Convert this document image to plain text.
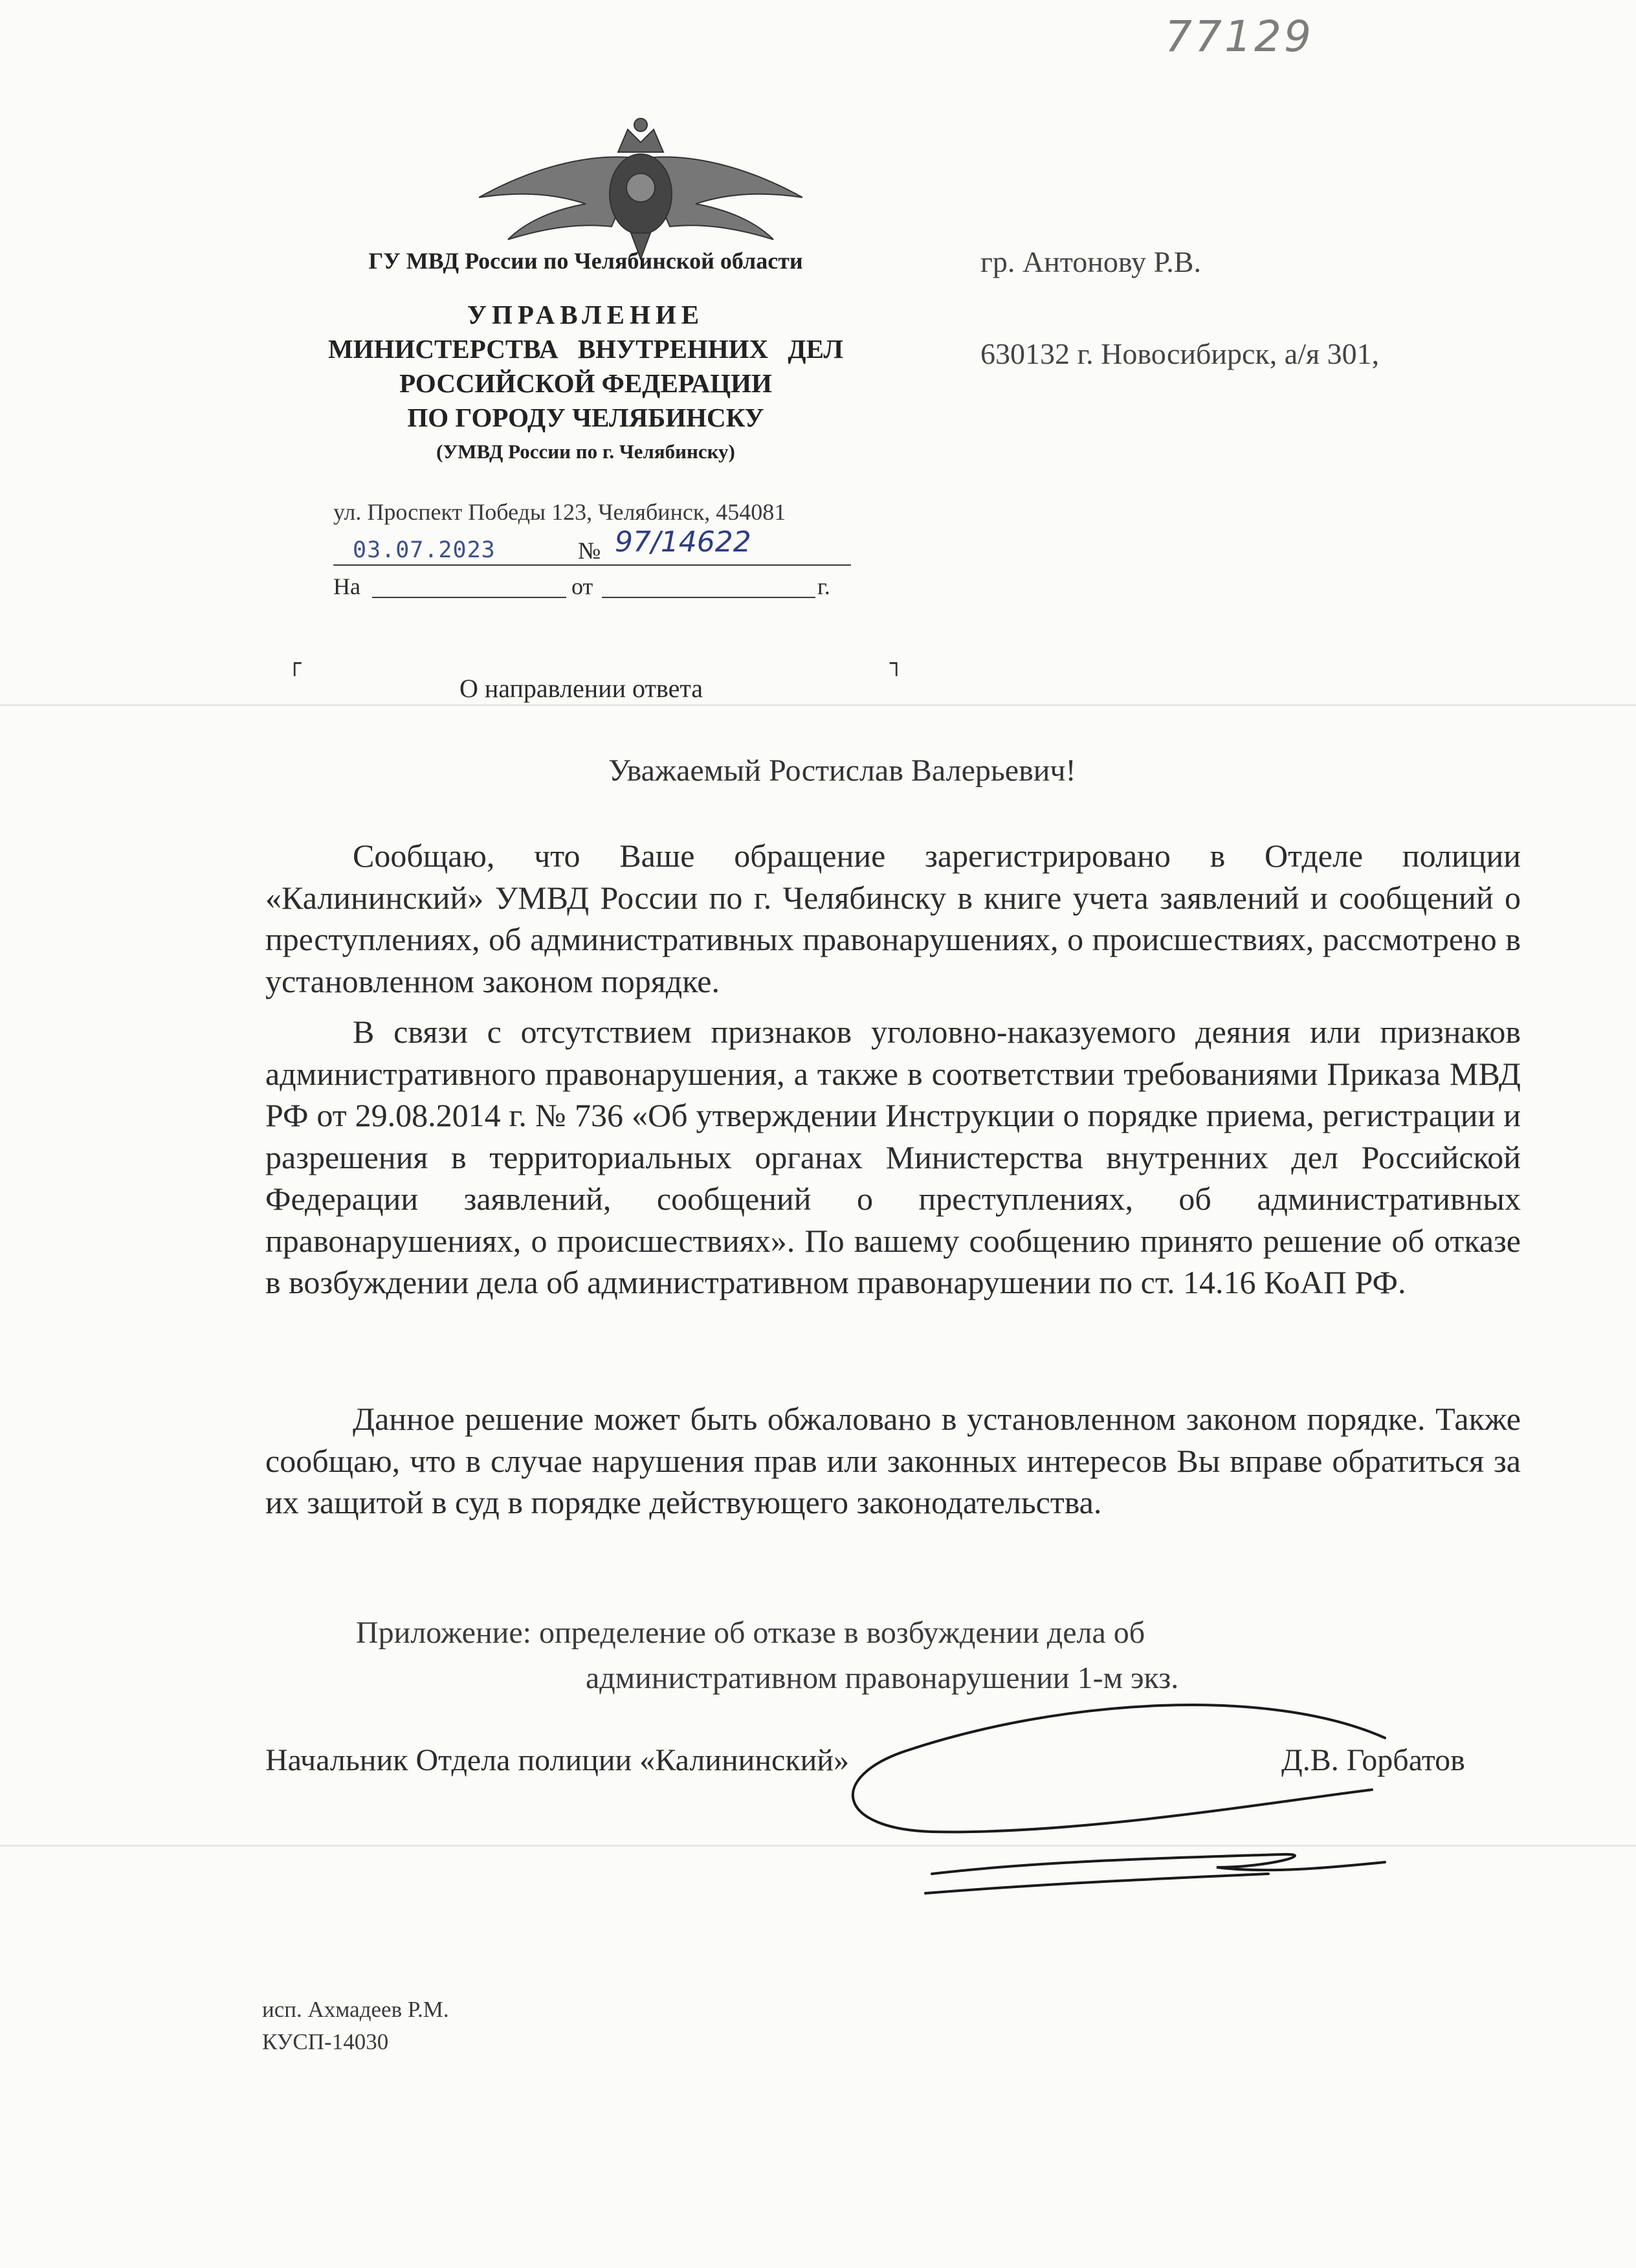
77129
ГУ МВД России по Челябинской области
УПРАВЛЕНИЕ
МИНИСТЕРСТВА ВНУТРЕННИХ ДЕЛ
РОССИЙСКОЙ ФЕДЕРАЦИИ
ПО ГОРОДУ ЧЕЛЯБИНСКУ
(УМВД России по г. Челябинску)
ул. Проспект Победы 123, Челябинск, 454081
03.07.2023	№ 97/14622
На	от	г.
гр. Антонову Р.В.
630132 г. Новосибирск, а/я 301,
┌	┐
О направлении ответа
Уважаемый Ростислав Валерьевич!

Сообщаю, что Ваше обращение зарегистрировано в Отделе полиции «Калининский» УМВД России по г. Челябинску в книге учета заявлений и сообщений о преступлениях, об административных правонарушениях, о происшествиях, рассмотрено в установленном законом порядке.

В связи с отсутствием признаков уголовно-наказуемого деяния или признаков административного правонарушения, а также в соответствии требованиями Приказа МВД РФ от 29.08.2014 г. № 736 «Об утверждении Инструкции о порядке приема, регистрации и разрешения в территориальных органах Министерства внутренних дел Российской Федерации заявлений, сообщений о преступлениях, об административных правонарушениях, о происшествиях». По вашему сообщению принято решение об отказе в возбуждении дела об административном правонарушении по ст. 14.16 КоАП РФ.

Данное решение может быть обжаловано в установленном законом порядке. Также сообщаю, что в случае нарушения прав или законных интересов Вы вправе обратиться за их защитой в суд в порядке действующего законодательства.

Приложение: определение об отказе в возбуждении дела об
административном правонарушении 1-м экз.
Начальник Отдела полиции «Калининский»	Д.В. Горбатов
исп. Ахмадеев Р.М.
КУСП-14030
